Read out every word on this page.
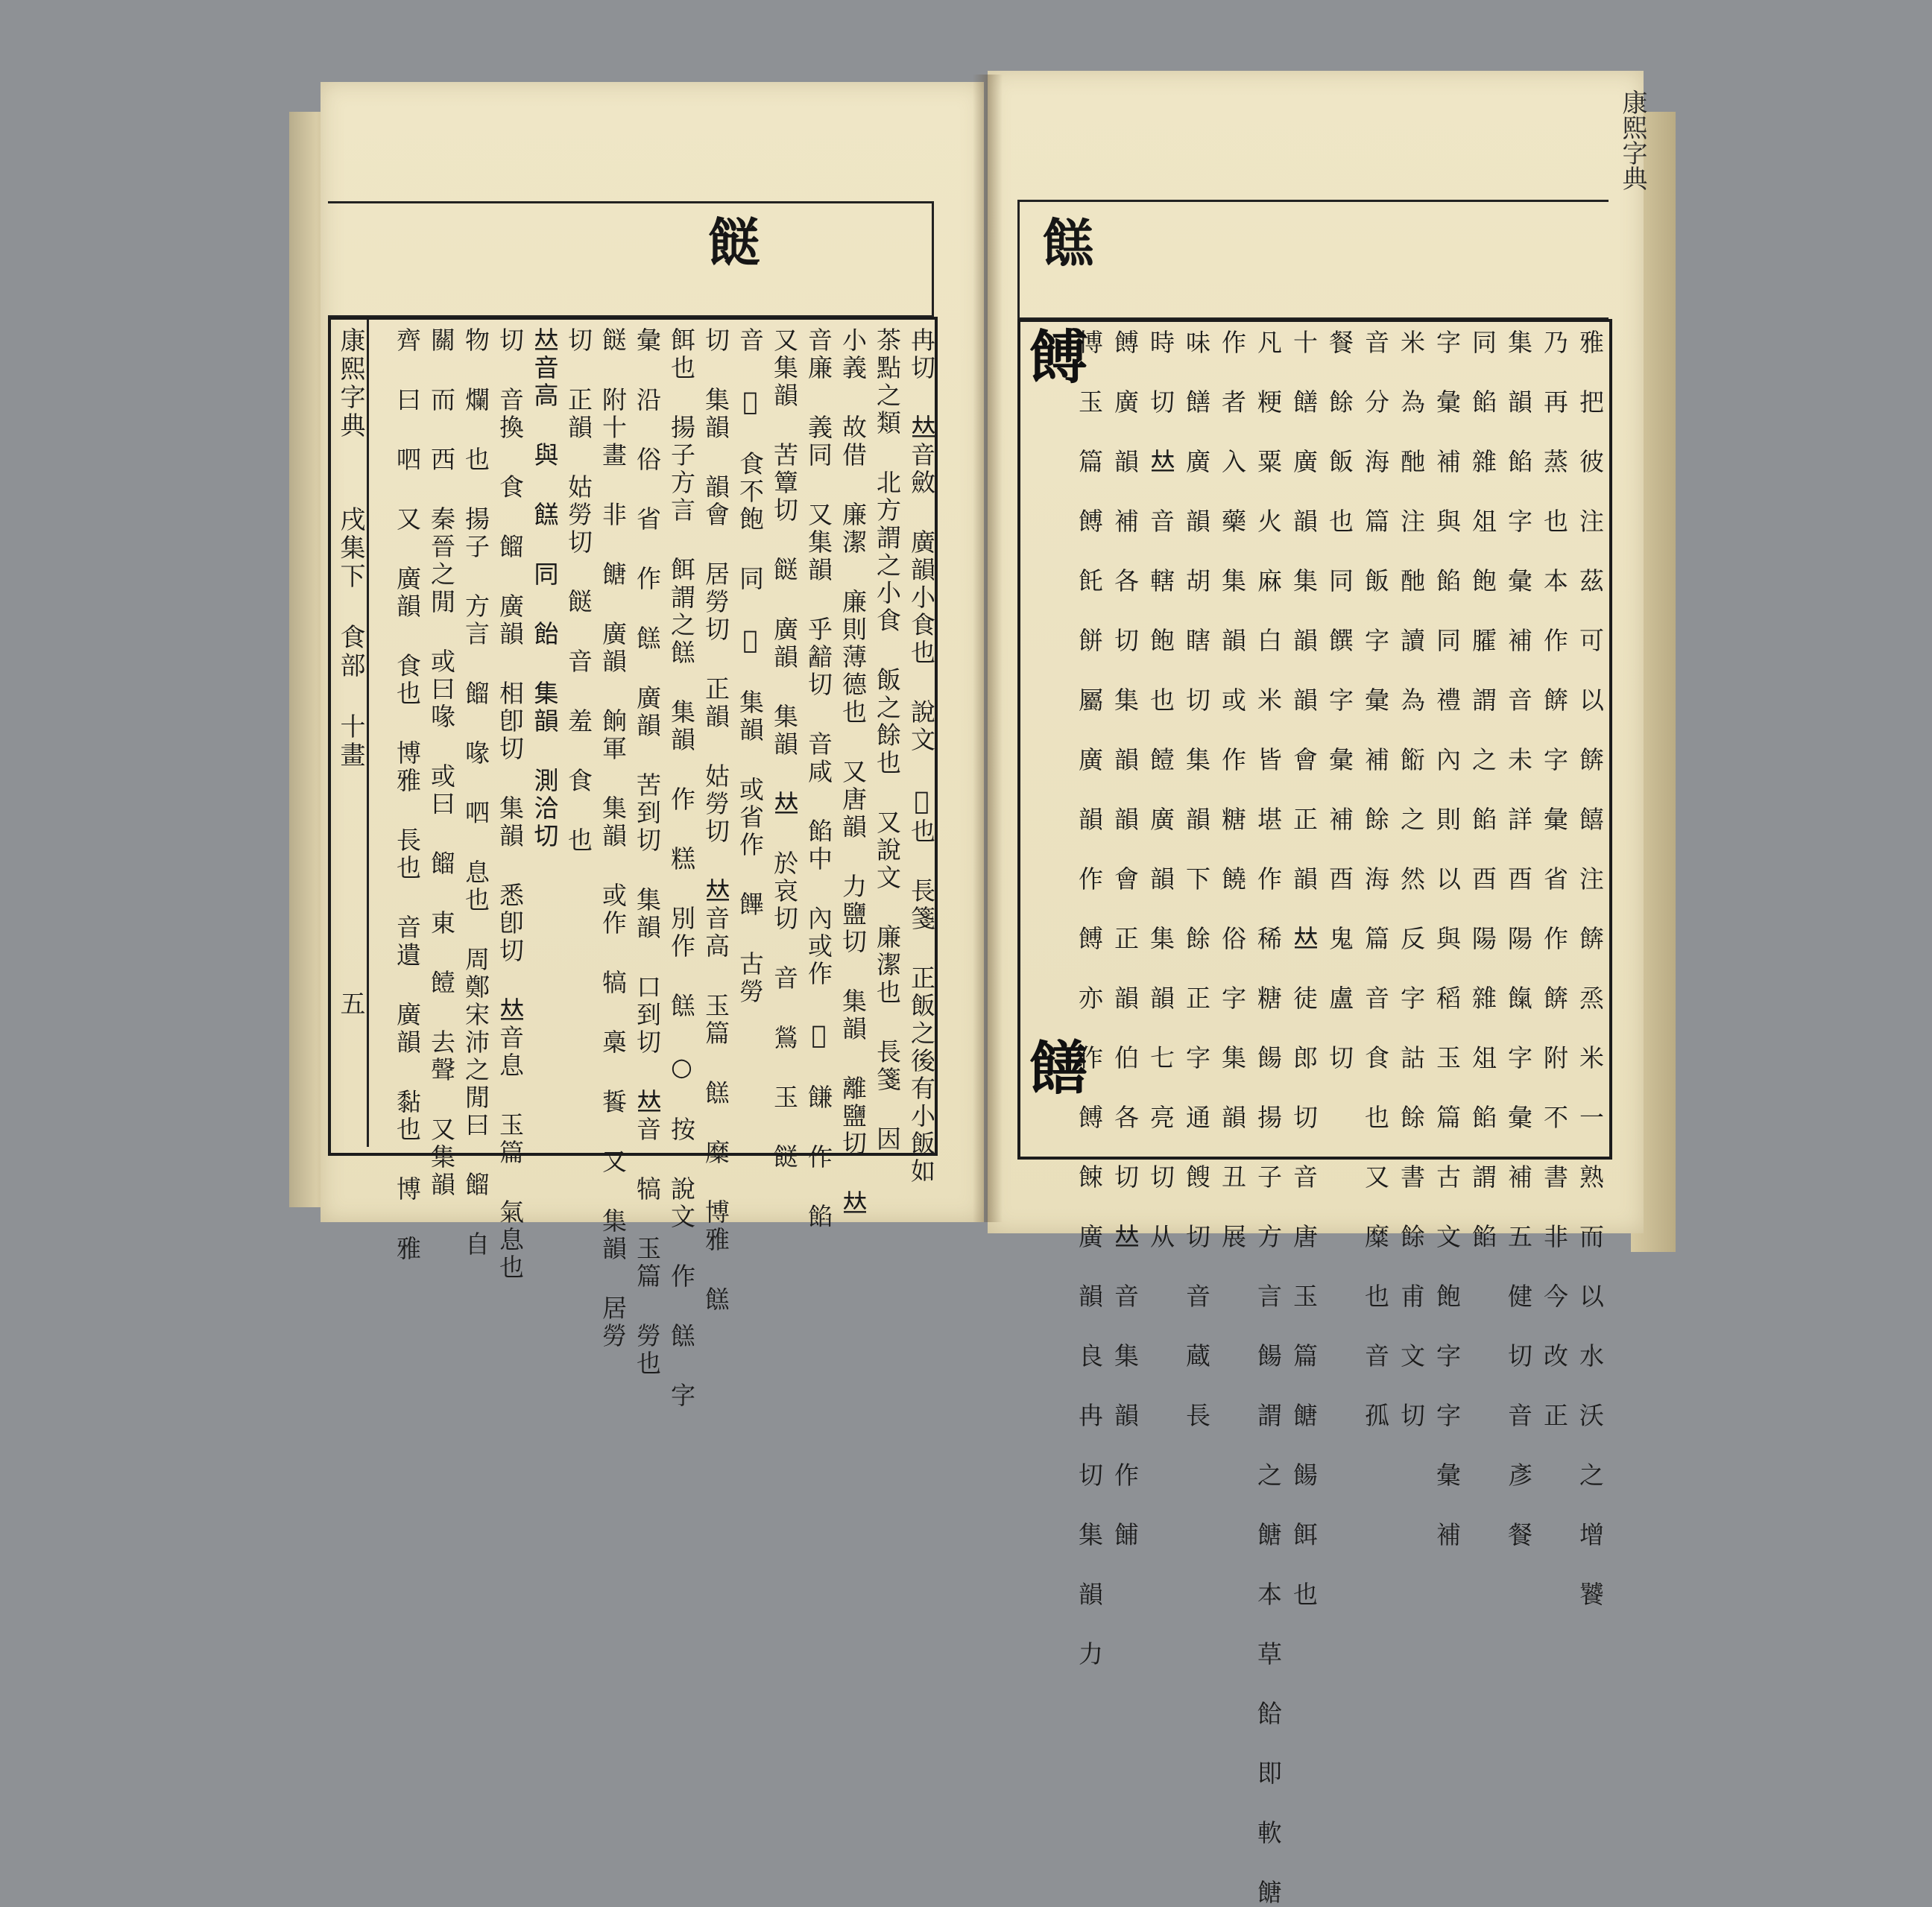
餸
冉切 𠀤音斂 廣韻小食也 說文 𩝃也 長箋 正飯之後有小飯如
茶點之類 北方謂之小食 飯之餘也 又說文 廉潔也 長箋 因
小義 故借 廉潔 廉則薄德也 又唐韻 力鹽切 集韻 離鹽切 𠀤
音廉 義同 又集韻 乎韽切 音咸 餡中 內或作 𩞟 䭑 作 餡
又集韻 苦簟切 餸 廣韻 集韻 𠀤 於哀切 音 鶑 玉 餸
音 𥃋 食不飽 同 𩝻 集韻 或省作 饆 古勞
切 集韻 韻會 居勞切 正韻 姑勞切 𠀤音高 玉篇 餻 糜 博雅 餻
餌也 揚子方言 餌謂之餻 集韻 作 糕 別作 餻 ○ 按 說文 作 餻 字
彙 沿 俗 省 作 餻 廣韻 苦到切 集韻 口到切 𠀤音 犒 玉篇 勞也
餸 附十畫 非 餹 廣韻 餉軍 集韻 或作 犒 槀 䭁 又 集韻 居勞
切 正韻 姑勞切 餸 音 羞 食 也
𠀤音高 與 餻 同 飴 集韻 測洽切
切 音換 食 餾 廣韻 相卽切 集韻 悉卽切 𠀤音息 玉篇 氣息也
物 爛 也 揚子 方言 餾 喙 呬 息也 周鄭宋沛之閒曰 餾 自
關 而 西 秦晉之閒 或曰喙 或曰 餾 東 饐 去聲 又集韻
齊 曰 呬 又 廣韻 食也 博雅 長也 音遺 廣韻 黏也 博 雅
康熙字典
戌集下 食部 十畫
五
餻
雅 把 彼 注 茲 可 以 餴 饎 注 餴 烝 米 一 熟 而 以 水 沃 之 增 饕
乃 再 蒸 也 本 作 餴 字 彙 省 作 餴 附 不 書 非 今 改 正
集 韻 餡 字 彙 補 音 未 詳 酉 陽 餼 字 彙 補 五 健 切 音 彥 餐
同 餡 雜 俎 飽 臛 謂 之 餡 酉 陽 雜 俎 餡 謂 餡
字 彙 補 與 餡 同 禮 內 則 以 與 稻 玉 篇 古 文 飽 字 字 彙 補
米 為 酏 注 酏 讀 為 餰 之 然 反 字 詁 餘 書 餘 甫 文 切
音 分 海 篇 飯 字 彙 補 餘 海 篇 音 食 也 又 糜 也 音 孤
餐 餘 飯 也 同 饌 字 彙 補 酉 鬼 盧 切
十 饍 廣 韻 集 韻 韻 會 正 韻 𠀤 徒 郎 切 音 唐 玉 篇 餹 餳 餌 也
凡 粳 粟 火 麻 白 米 皆 堪 作 稀 糖 餳 揚 子 方 言 餳 謂 之 餹 本 草 餄 即 軟 餹
作 者 入 藥 集 韻 或 作 糖 饒 俗 字 集 韻 丑 展
味 饍 廣 韻 胡 瞎 切 集 韻 下 餘 正 字 通 餿 切 音 蔵 長
時 切 𠀤 音 轄 飽 也 饐 廣 韻 集 韻 七 亮 切 从
餺 廣 韻 補 各 切 集 韻 韻 會 正 韻 伯 各 切 𠀤 音 集 韻 作 餔
博 玉 篇 餺 飥 餅 屬 廣 韻 作 餺 亦 作 餺 餗 廣 韻 良 冉 切 集 韻 力
餺
饍
康熙字典
